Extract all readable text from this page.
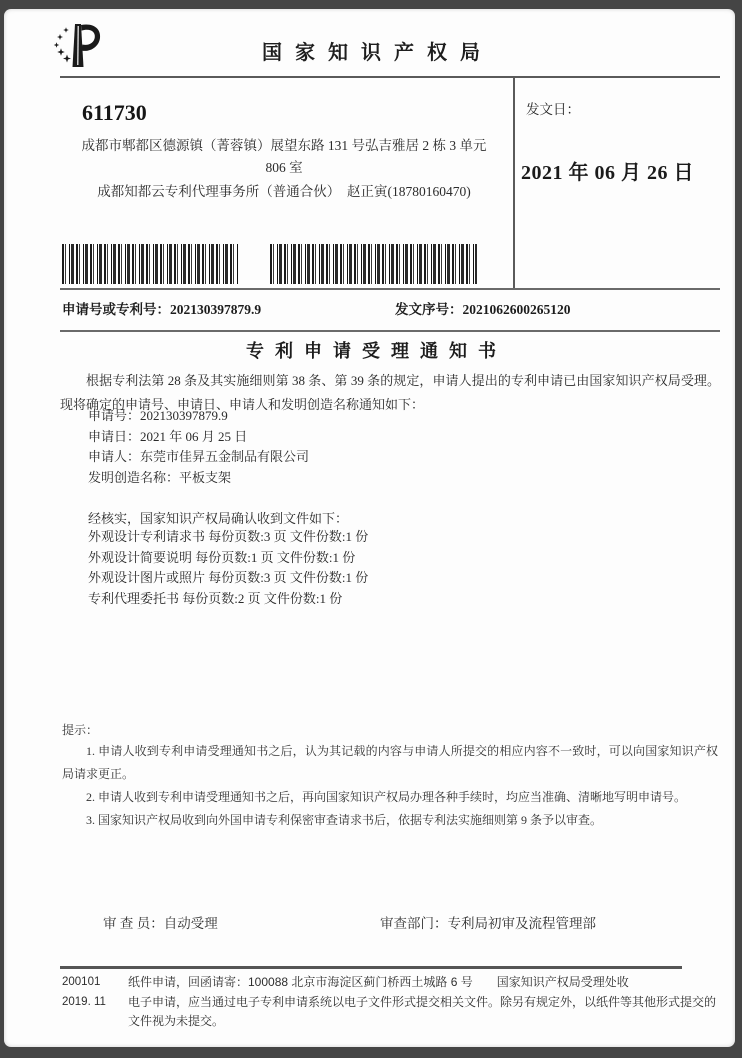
国家知识产权局
611730
成都市郫都区德源镇（菁蓉镇）展望东路 131 号弘吉雅居 2 栋 3 单元
806 室
成都知都云专利代理事务所（普通合伙）　赵正寅(18780160470)
发文日：
2021 年 06 月 26 日
申请号或专利号：202130397879.9	发文序号：2021062600265120
专利申请受理通知书
根据专利法第 28 条及其实施细则第 38 条、第 39 条的规定，申请人提出的专利申请已由国家知识产权局受理。现将确定的申请号、申请日、申请人和发明创造名称通知如下：
申请号：202130397879.9
申请日：2021 年 06 月 25 日
申请人：东莞市佳昇五金制品有限公司
发明创造名称：平板支架
经核实，国家知识产权局确认收到文件如下：
外观设计专利请求书 每份页数:3 页 文件份数:1 份
外观设计简要说明 每份页数:1 页 文件份数:1 份
外观设计图片或照片 每份页数:3 页 文件份数:1 份
专利代理委托书 每份页数:2 页 文件份数:1 份
提示：
1. 申请人收到专利申请受理通知书之后，认为其记载的内容与申请人所提交的相应内容不一致时，可以向国家知识产权局请求更正。
2. 申请人收到专利申请受理通知书之后，再向国家知识产权局办理各种手续时，均应当准确、清晰地写明申请号。
3. 国家知识产权局收到向外国申请专利保密审查请求书后，依据专利法实施细则第 9 条予以审查。
审 查 员：自动受理	审查部门：专利局初审及流程管理部
200101
2019. 11
纸件申请，回函请寄：100088 北京市海淀区蓟门桥西土城路 6 号　　国家知识产权局受理处收
电子申请，应当通过电子专利申请系统以电子文件形式提交相关文件。除另有规定外，以纸件等其他形式提交的文件视为未提交。
